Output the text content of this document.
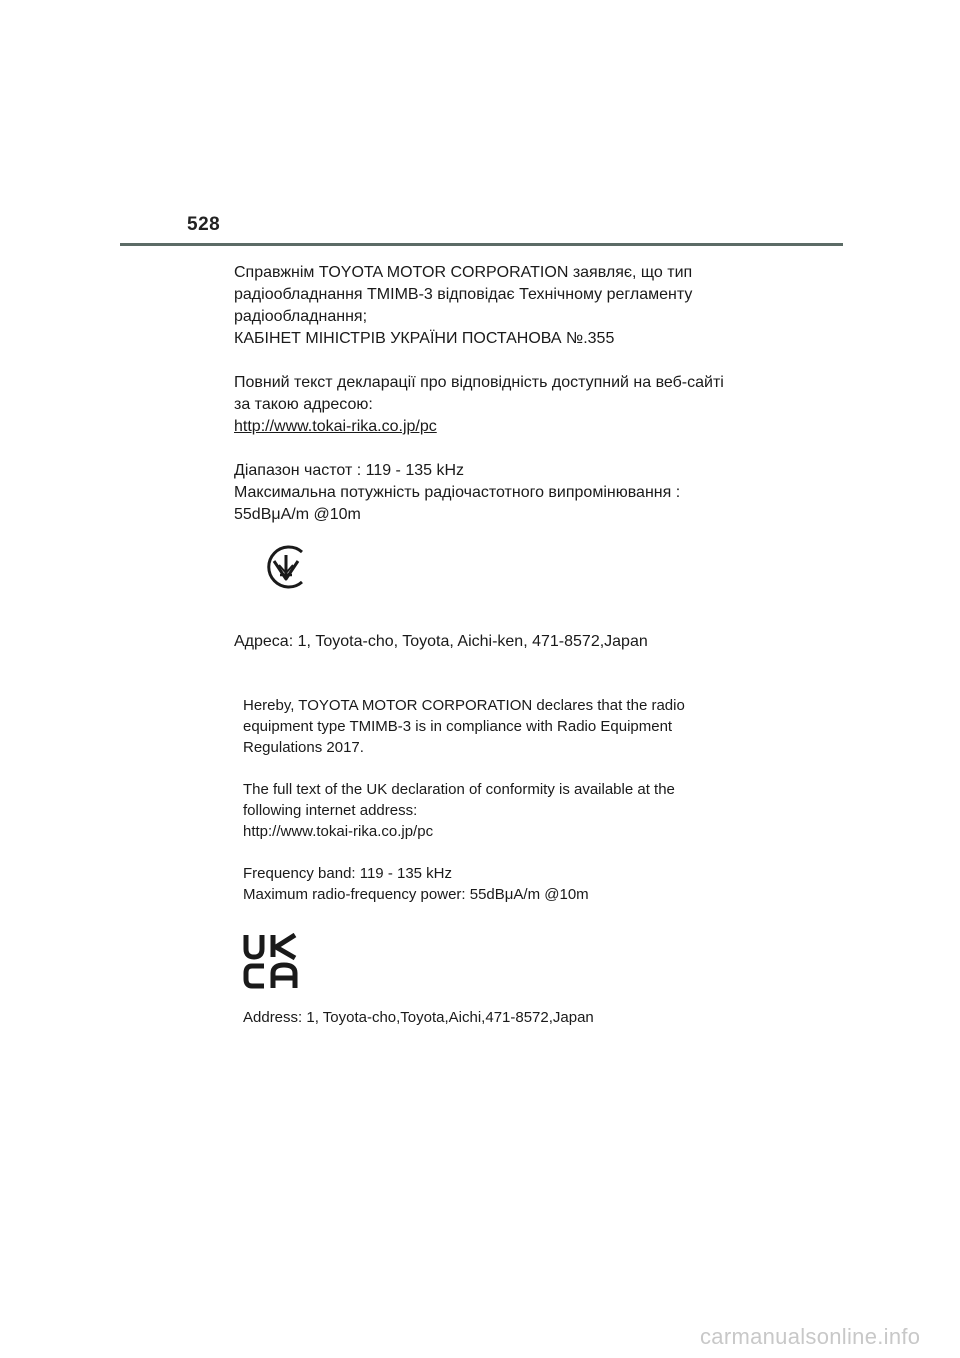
528

Справжнім TOYOTA MOTOR CORPORATION заявляє, що тип

радіообладнання TMIMB-3 відповідає Технічному регламенту

радіообладнання;

КАБІНЕТ МІНІСТРІВ УКРАЇНИ ПОСТАНОВА №.355

Повний текст декларації про відповідність доступний на веб-сайті

за такою адресою:

http://www.tokai-rika.co.jp/pc

Діапазон частот : 119 - 135 kHz

Максимальна потужність радіочастотного випромінювання :

55dBμA/m @10m

Адреса: 1, Toyota-cho, Toyota, Aichi-ken, 471-8572,Japan

Hereby, TOYOTA MOTOR CORPORATION declares that the radio

equipment type TMIMB-3 is in compliance with Radio Equipment

Regulations 2017.

The full text of the UK declaration of conformity is available at the

following internet address:

http://www.tokai-rika.co.jp/pc

Frequency band: 119 - 135 kHz

Maximum radio-frequency power: 55dBμA/m @10m

Address: 1, Toyota-cho,Toyota,Aichi,471-8572,Japan
carmanualsonline.info
